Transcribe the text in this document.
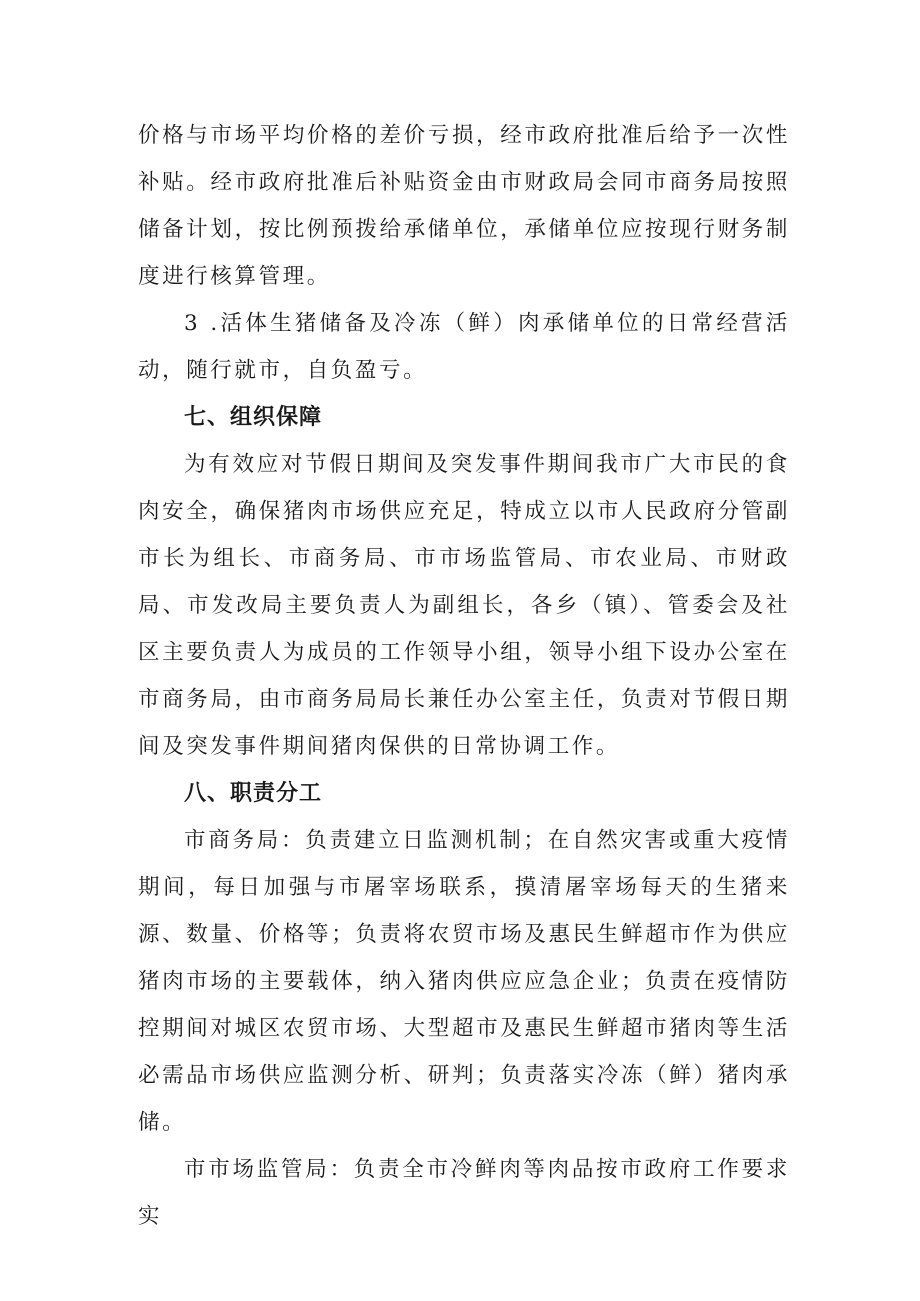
价格与市场平均价格的差价亏损，经市政府批准后给予一次性补贴。经市政府批准后补贴资金由市财政局会同市商务局按照储备计划，按比例预拨给承储单位，承储单位应按现行财务制度进行核算管理。

3 .活体生猪储备及冷冻（鲜）肉承储单位的日常经营活动，随行就市，自负盈亏。

七、组织保障

为有效应对节假日期间及突发事件期间我市广大市民的食肉安全，确保猪肉市场供应充足，特成立以市人民政府分管副市长为组长、市商务局、市市场监管局、市农业局、市财政局、市发改局主要负责人为副组长，各乡（镇）、管委会及社区主要负责人为成员的工作领导小组，领导小组下设办公室在市商务局，由市商务局局长兼任办公室主任，负责对节假日期间及突发事件期间猪肉保供的日常协调工作。

八、职责分工

市商务局：负责建立日监测机制；在自然灾害或重大疫情期间，每日加强与市屠宰场联系，摸清屠宰场每天的生猪来源、数量、价格等；负责将农贸市场及惠民生鲜超市作为供应猪肉市场的主要载体，纳入猪肉供应应急企业；负责在疫情防控期间对城区农贸市场、大型超市及惠民生鲜超市猪肉等生活必需品市场供应监测分析、研判；负责落实冷冻（鲜）猪肉承储。

市市场监管局：负责全市冷鲜肉等肉品按市政府工作要求实
